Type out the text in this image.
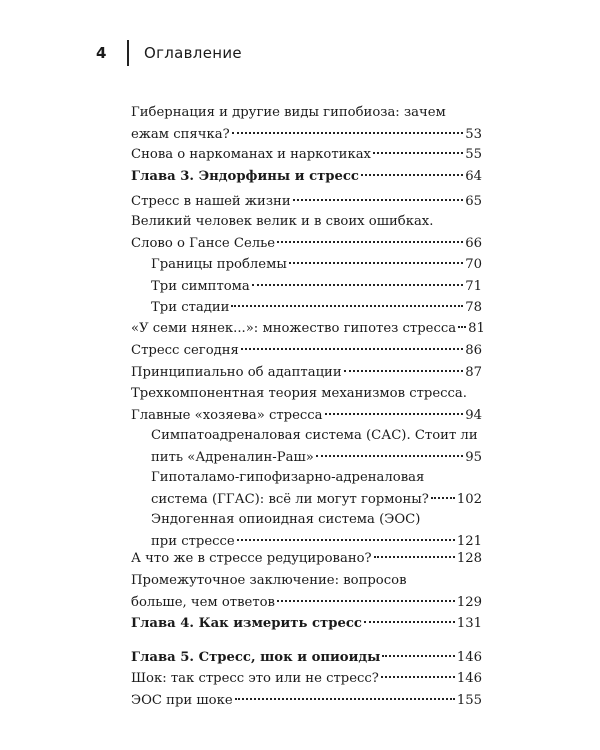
4	Оглавление
Гибернация и другие виды гипобиоза: зачем
ежам спячка?	53
Снова о наркоманах и наркотиках	55
Глава 3. Эндорфины и стресс	64
Стресс в нашей жизни	65
Великий человек велик и в своих ошибках.
Слово о Гансе Селье	66
Границы проблемы	70
Три симптома	71
Три стадии	78
«У семи нянек...»: множество гипотез стресса 81
Стресс сегодня	86
Принципиально об адаптации	87
Трехкомпонентная теория механизмов стресса.
Главные «хозяева» стресса	94
Симпатоадреналовая система (САС). Стоит ли
пить «Адреналин-Раш»	95
Гипоталамо-гипофизарно-адреналовая
система (ГГАС): всё ли могут гормоны? 102
Эндогенная опиоидная система (ЭОС)
при стрессе	121
А что же в стрессе редуцировано?	128
Промежуточное заключение: вопросов
больше, чем ответов	129
Глава 4. Как измерить стресс	131
Глава 5. Стресс, шок и опиоиды	146
Шок: так стресс это или не стресс?	146
ЭОС при шоке	155
